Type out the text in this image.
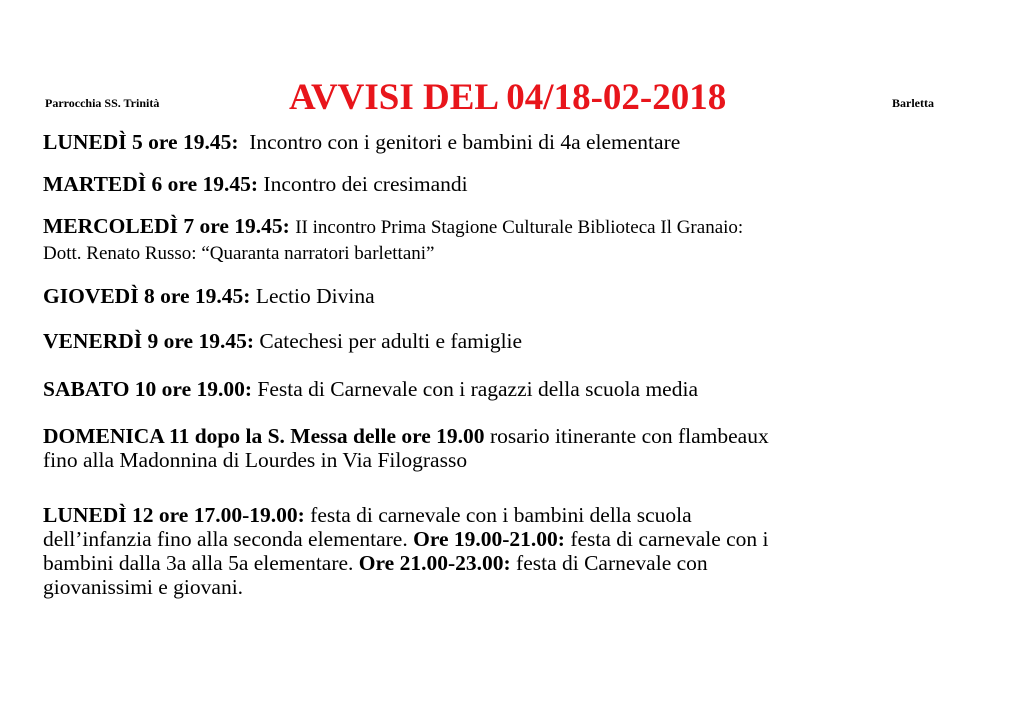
Parrocchia SS. Trinità	AVVISI DEL 04/18-02-2018	Barletta
LUNEDÌ 5 ore 19.45: Incontro con i genitori e bambini di 4a elementare
MARTEDÌ 6 ore 19.45: Incontro dei cresimandi
MERCOLEDÌ 7 ore 19.45: II incontro Prima Stagione Culturale Biblioteca Il Granaio:
Dott. Renato Russo: “Quaranta narratori barlettani”
GIOVEDÌ 8 ore 19.45: Lectio Divina
VENERDÌ 9 ore 19.45: Catechesi per adulti e famiglie
SABATO 10 ore 19.00: Festa di Carnevale con i ragazzi della scuola media
DOMENICA 11 dopo la S. Messa delle ore 19.00 rosario itinerante con flambeaux
fino alla Madonnina di Lourdes in Via Filograsso
LUNEDÌ 12 ore 17.00-19.00: festa di carnevale con i bambini della scuola
dell’infanzia fino alla seconda elementare. Ore 19.00-21.00: festa di carnevale con i
bambini dalla 3a alla 5a elementare. Ore 21.00-23.00: festa di Carnevale con
giovanissimi e giovani.
